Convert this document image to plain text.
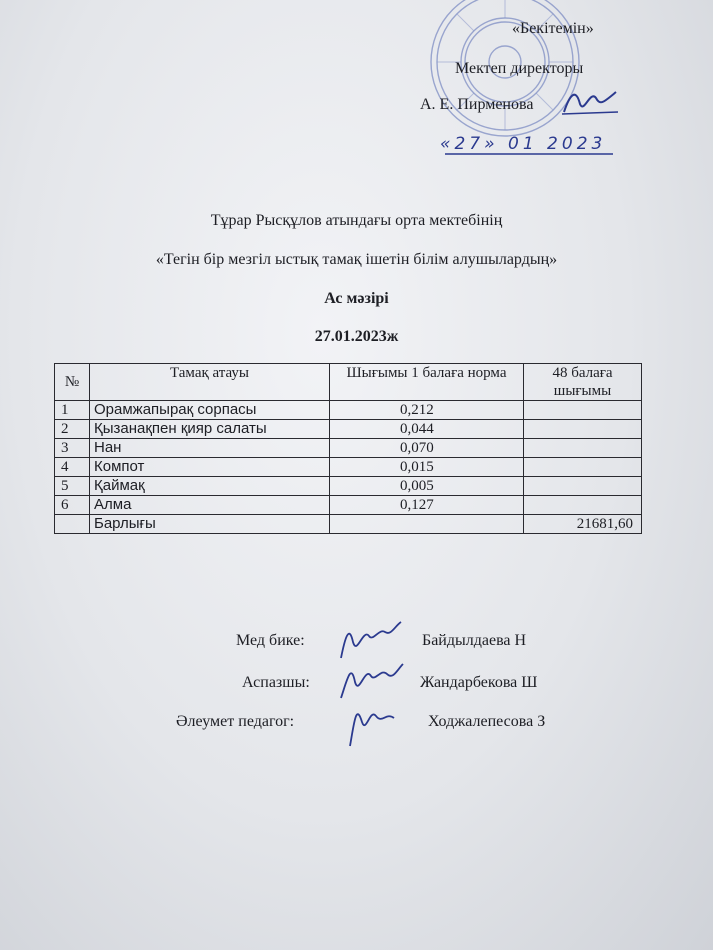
«Бекітемін»
Мектеп директоры
А. Е. Пирменова
«27» 01 2023
Тұрар Рысқұлов атындағы орта мектебінің
«Тегін бір мезгіл ыстық тамақ ішетін білім алушылардың»
Ас мәзірі
27.01.2023ж
№	Тамақ атауы	Шығымы 1 балаға норма	48 балаға шығымы
1	Орамжапырақ сорпасы	0,212	
2	Қызанақпен қияр салаты	0,044	
3	Нан	0,070	
4	Компот	0,015	
5	Қаймақ	0,005	
6	Алма	0,127	
	Барлығы		21681,60
Мед бике:	Байдылдаева Н
Аспазшы:	Жандарбекова Ш
Әлеумет педагог:	Ходжалепесова З
